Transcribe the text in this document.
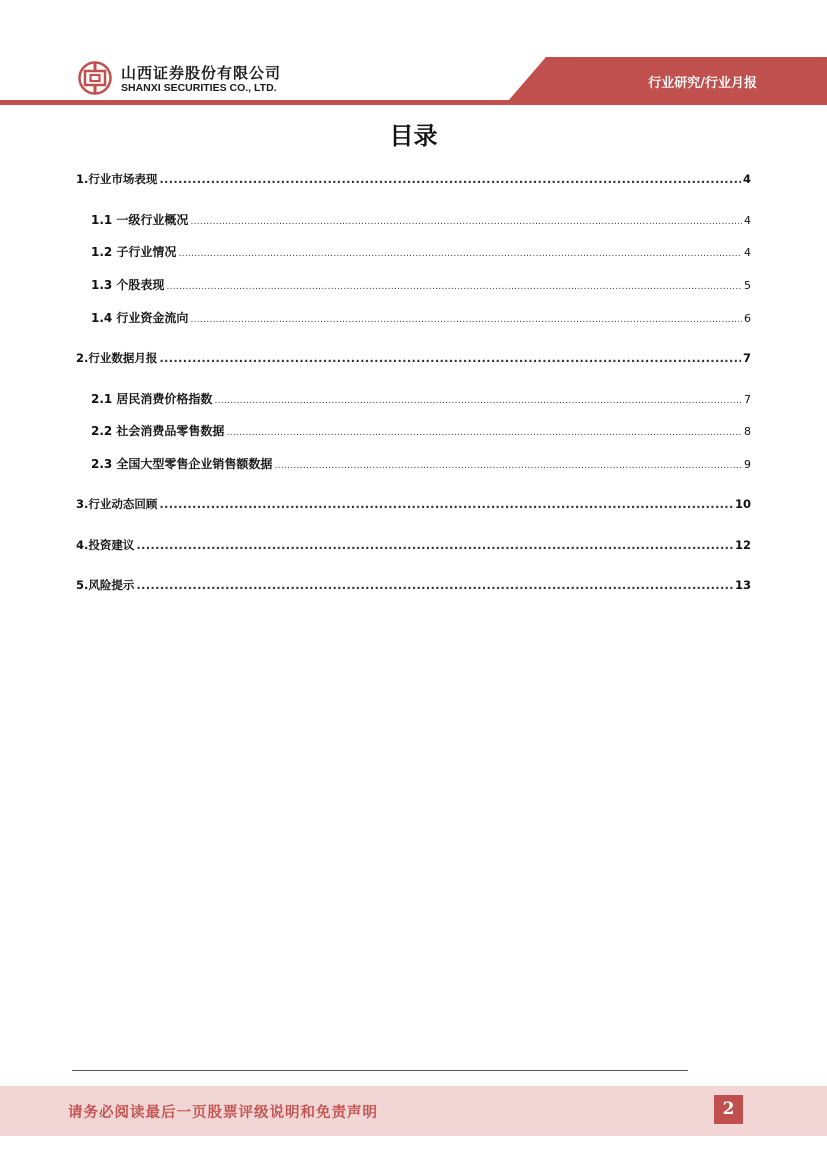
山西证券股份有限公司
SHANXI SECURITIES CO., LTD.	行业研究/行业月报
目录
1.行业市场表现 .....	4
1.1 一级行业概况 .....	4
1.2 子行业情况 .....	4
1.3 个股表现 .....	5
1.4 行业资金流向 .....	6
2.行业数据月报 .....	7
2.1 居民消费价格指数 .....	7
2.2 社会消费品零售数据 .....	8
2.3 全国大型零售企业销售额数据 .....	9
3.行业动态回顾 .....	10
4.投资建议 .....	12
5.风险提示 .....	13
请务必阅读最后一页股票评级说明和免责声明	2
